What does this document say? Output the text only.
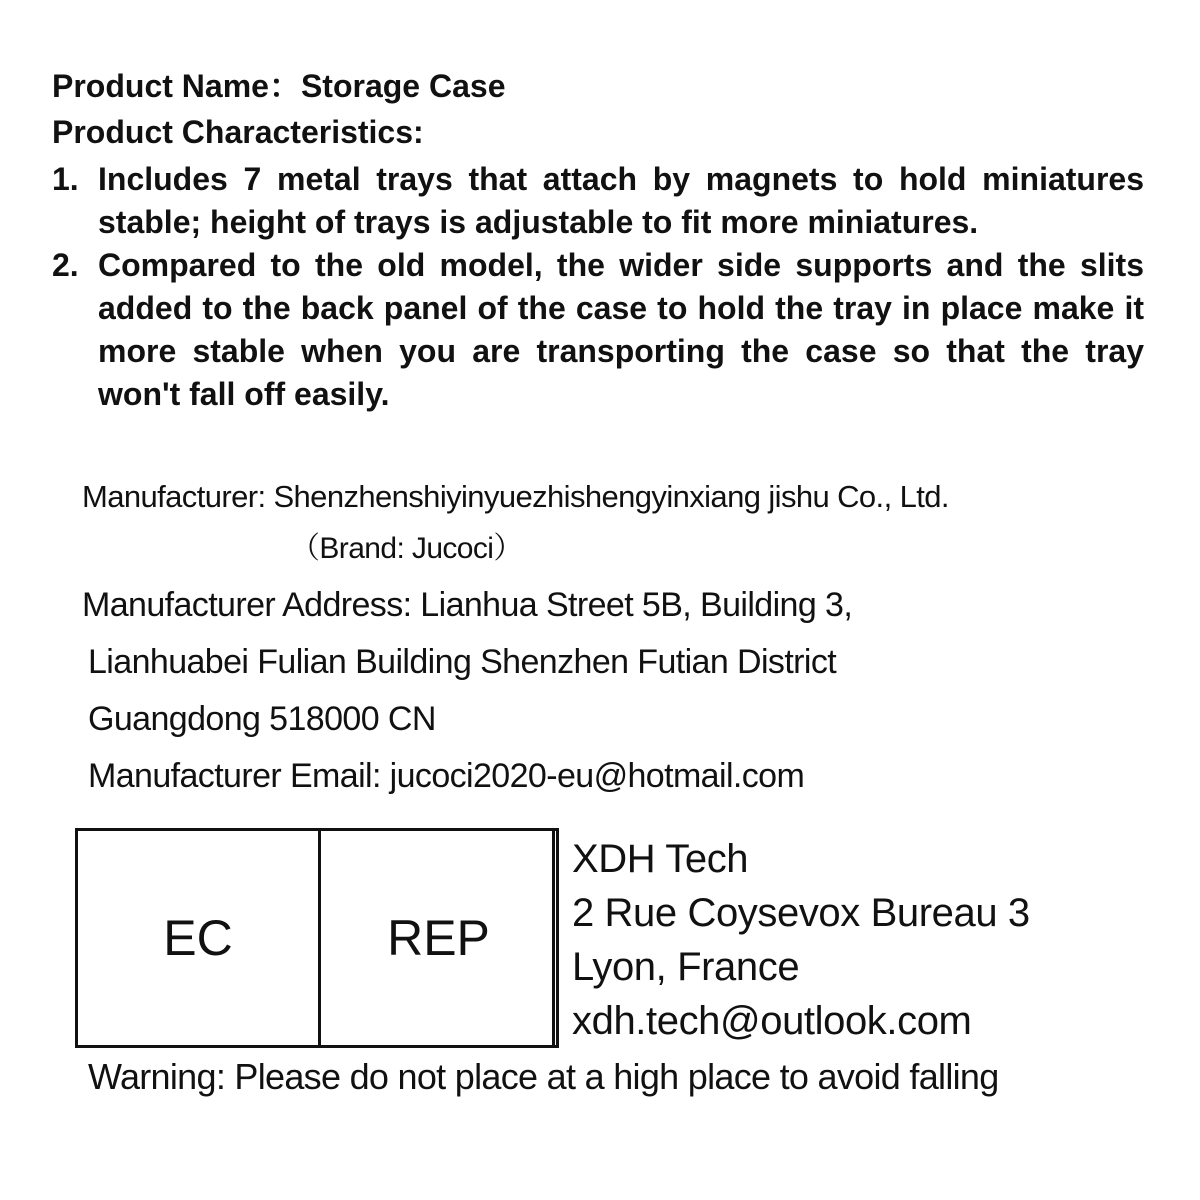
Product Name：Storage Case
Product Characteristics:
1. Includes 7 metal trays that attach by magnets to hold miniatures stable; height of trays is adjustable to fit more miniatures.
2. Compared to the old model, the wider side supports and the slits added to the back panel of the case to hold the tray in place make it more stable when you are transporting the case so that the tray won't fall off easily.
Manufacturer: Shenzhenshiyinyuezhishengyinxiang jishu Co., Ltd.
（Brand: Jucoci）
Manufacturer Address: Lianhua Street 5B, Building 3,
Lianhuabei Fulian Building Shenzhen Futian District
Guangdong 518000 CN
Manufacturer Email: jucoci2020-eu@hotmail.com
EC	REP
XDH Tech
2 Rue Coysevox Bureau 3
Lyon, France
xdh.tech@outlook.com
Warning: Please do not place at a high place to avoid falling
